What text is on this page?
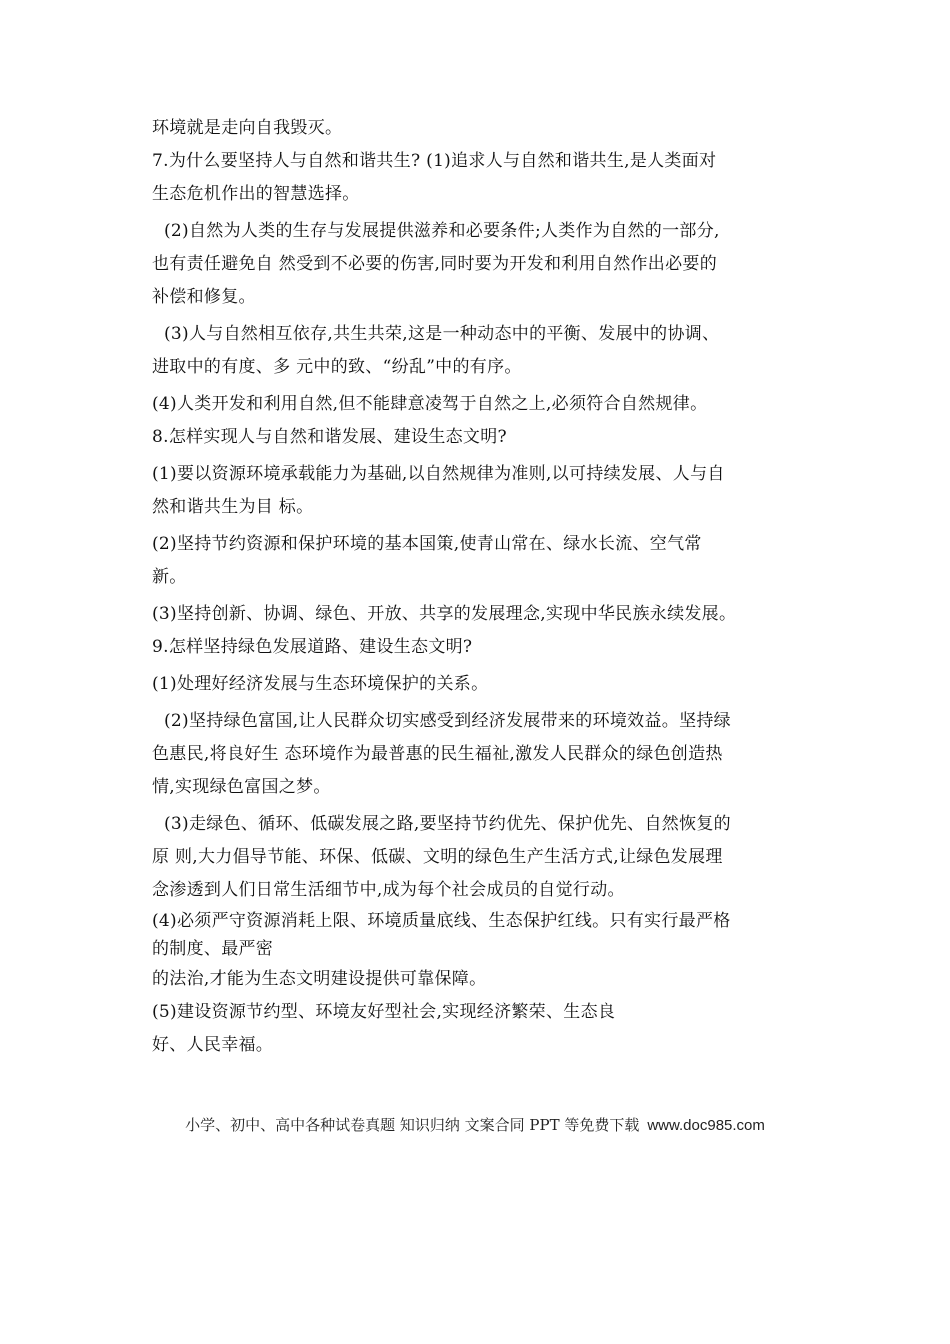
环境就是走向自我毁灭。
7.为什么要坚持人与自然和谐共生? (1)追求人与自然和谐共生,是人类面对
生态危机作出的智慧选择。
(2)自然为人类的生存与发展提供滋养和必要条件;人类作为自然的一部分,
也有责任避免自 然受到不必要的伤害,同时要为开发和利用自然作出必要的
补偿和修复。
(3)人与自然相互依存,共生共荣,这是一种动态中的平衡、发展中的协调、
进取中的有度、多 元中的致、“纷乱”中的有序。
(4)人类开发和利用自然,但不能肆意凌驾于自然之上,必须符合自然规律。
8.怎样实现人与自然和谐发展、建设生态文明?
(1)要以资源环境承载能力为基础,以自然规律为准则,以可持续发展、人与自
然和谐共生为目 标。
(2)坚持节约资源和保护环境的基本国策,使青山常在、绿水长流、空气常
新。
(3)坚持创新、协调、绿色、开放、共享的发展理念,实现中华民族永续发展。
9.怎样坚持绿色发展道路、建设生态文明?
(1)处理好经济发展与生态环境保护的关系。
(2)坚持绿色富国,让人民群众切实感受到经济发展带来的环境效益。坚持绿
色惠民,将良好生 态环境作为最普惠的民生福祉,激发人民群众的绿色创造热
情,实现绿色富国之梦。
(3)走绿色、循环、低碳发展之路,要坚持节约优先、保护优先、自然恢复的
原 则,大力倡导节能、环保、低碳、文明的绿色生产生活方式,让绿色发展理
念渗透到人们日常生活细节中,成为每个社会成员的自觉行动。
(4)必须严守资源消耗上限、环境质量底线、生态保护红线。只有实行最严格
的制度、最严密
的法治,才能为生态文明建设提供可靠保障。
(5)建设资源节约型、环境友好型社会,实现经济繁荣、生态良
好、人民幸福。
小学、初中、高中各种试卷真题 知识归纳 文案合同 PPT 等免费下载 www.doc985.com
